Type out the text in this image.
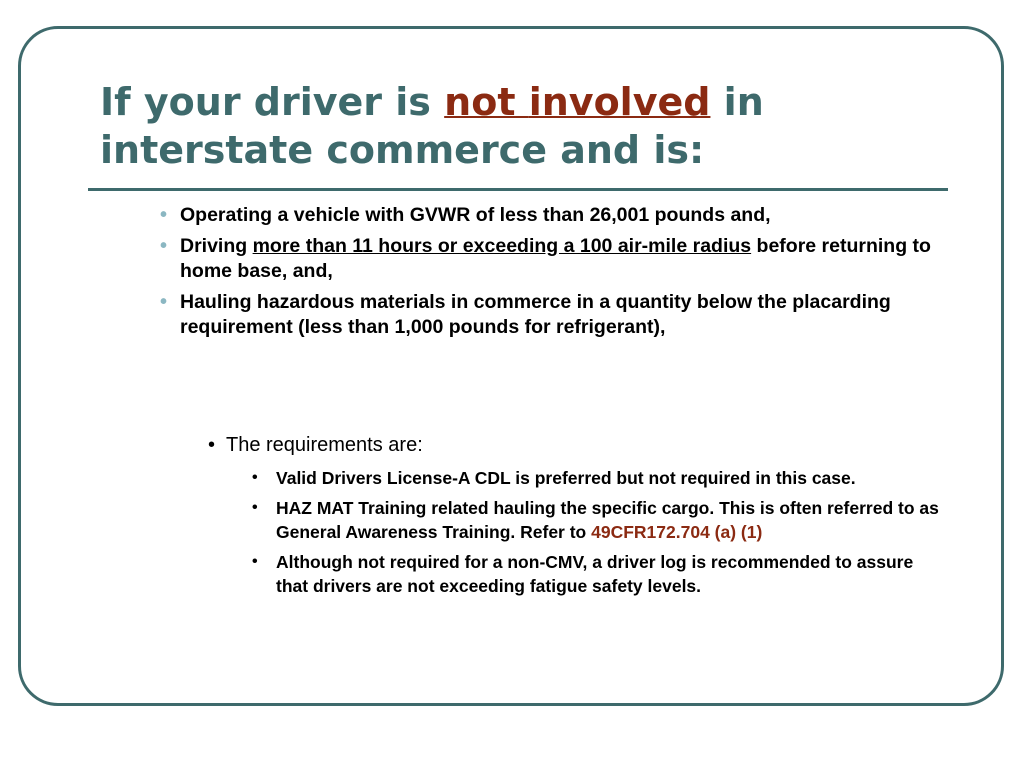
If your driver is not involved in interstate commerce and is:
• Operating a vehicle with GVWR of less than 26,001 pounds and,
• Driving more than 11 hours or exceeding a 100 air-mile radius before returning to home base, and,
• Hauling hazardous materials in commerce in a quantity below the placarding requirement (less than 1,000 pounds for refrigerant),
• The requirements are:
• Valid Drivers License-A CDL is preferred but not required in this case.
• HAZ MAT Training related hauling the specific cargo. This is often referred to as General Awareness Training. Refer to 49CFR172.704 (a) (1)
• Although not required for a non-CMV, a driver log is recommended to assure that drivers are not exceeding fatigue safety levels.
